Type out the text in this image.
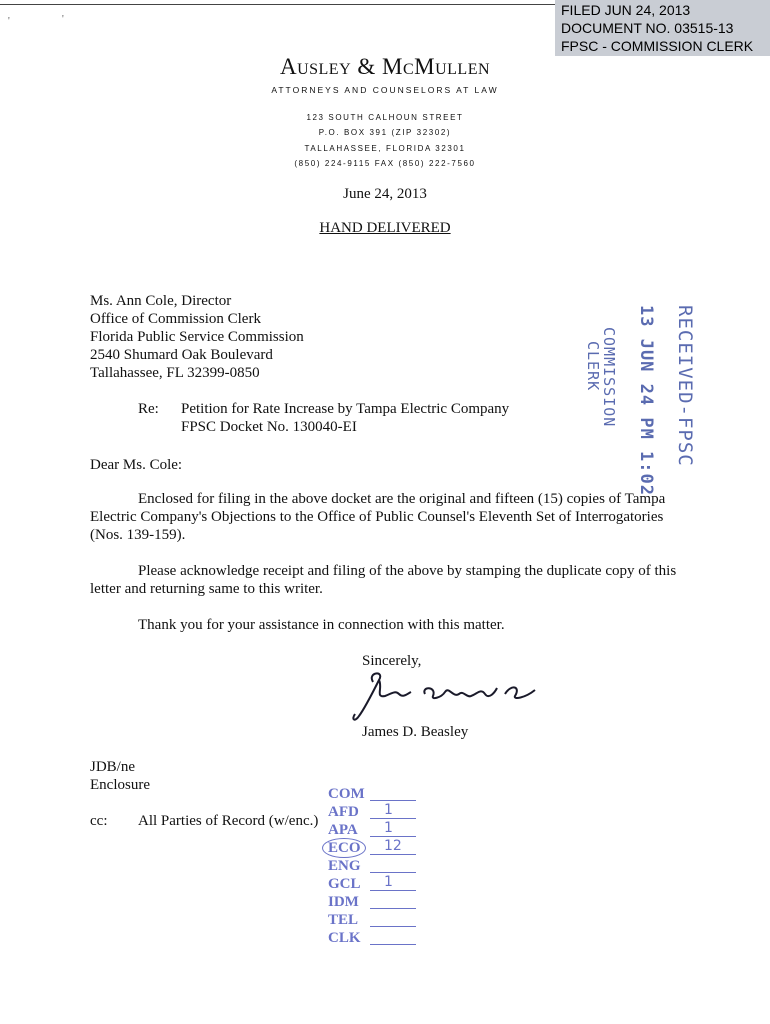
'	'
FILED JUN 24, 2013
DOCUMENT NO. 03515-13
FPSC - COMMISSION CLERK
Ausley & McMullen
ATTORNEYS AND COUNSELORS AT LAW
123 SOUTH CALHOUN STREET
P.O. BOX 391 (ZIP 32302)
TALLAHASSEE, FLORIDA 32301
(850) 224-9115 FAX (850) 222-7560
June 24, 2013
HAND DELIVERED
Ms. Ann Cole, Director
Office of Commission Clerk
Florida Public Service Commission
2540 Shumard Oak Boulevard
Tallahassee, FL 32399-0850
Re: Petition for Rate Increase by Tampa Electric Company
FPSC Docket No. 130040-EI
Dear Ms. Cole:
Enclosed for filing in the above docket are the original and fifteen (15) copies of Tampa
Electric Company's Objections to the Office of Public Counsel's Eleventh Set of Interrogatories
(Nos. 139-159).
Please acknowledge receipt and filing of the above by stamping the duplicate copy of this
letter and returning same to this writer.
Thank you for your assistance in connection with this matter.
Sincerely,
James D. Beasley
JDB/ne
Enclosure
cc: All Parties of Record (w/enc.)
RECEIVED-FPSC
13 JUN 24 PM 1:02
COMMISSION
CLERK
COM
AFD 1
APA 1
ECO 12
ENG
GCL 1
IDM
TEL
CLK
